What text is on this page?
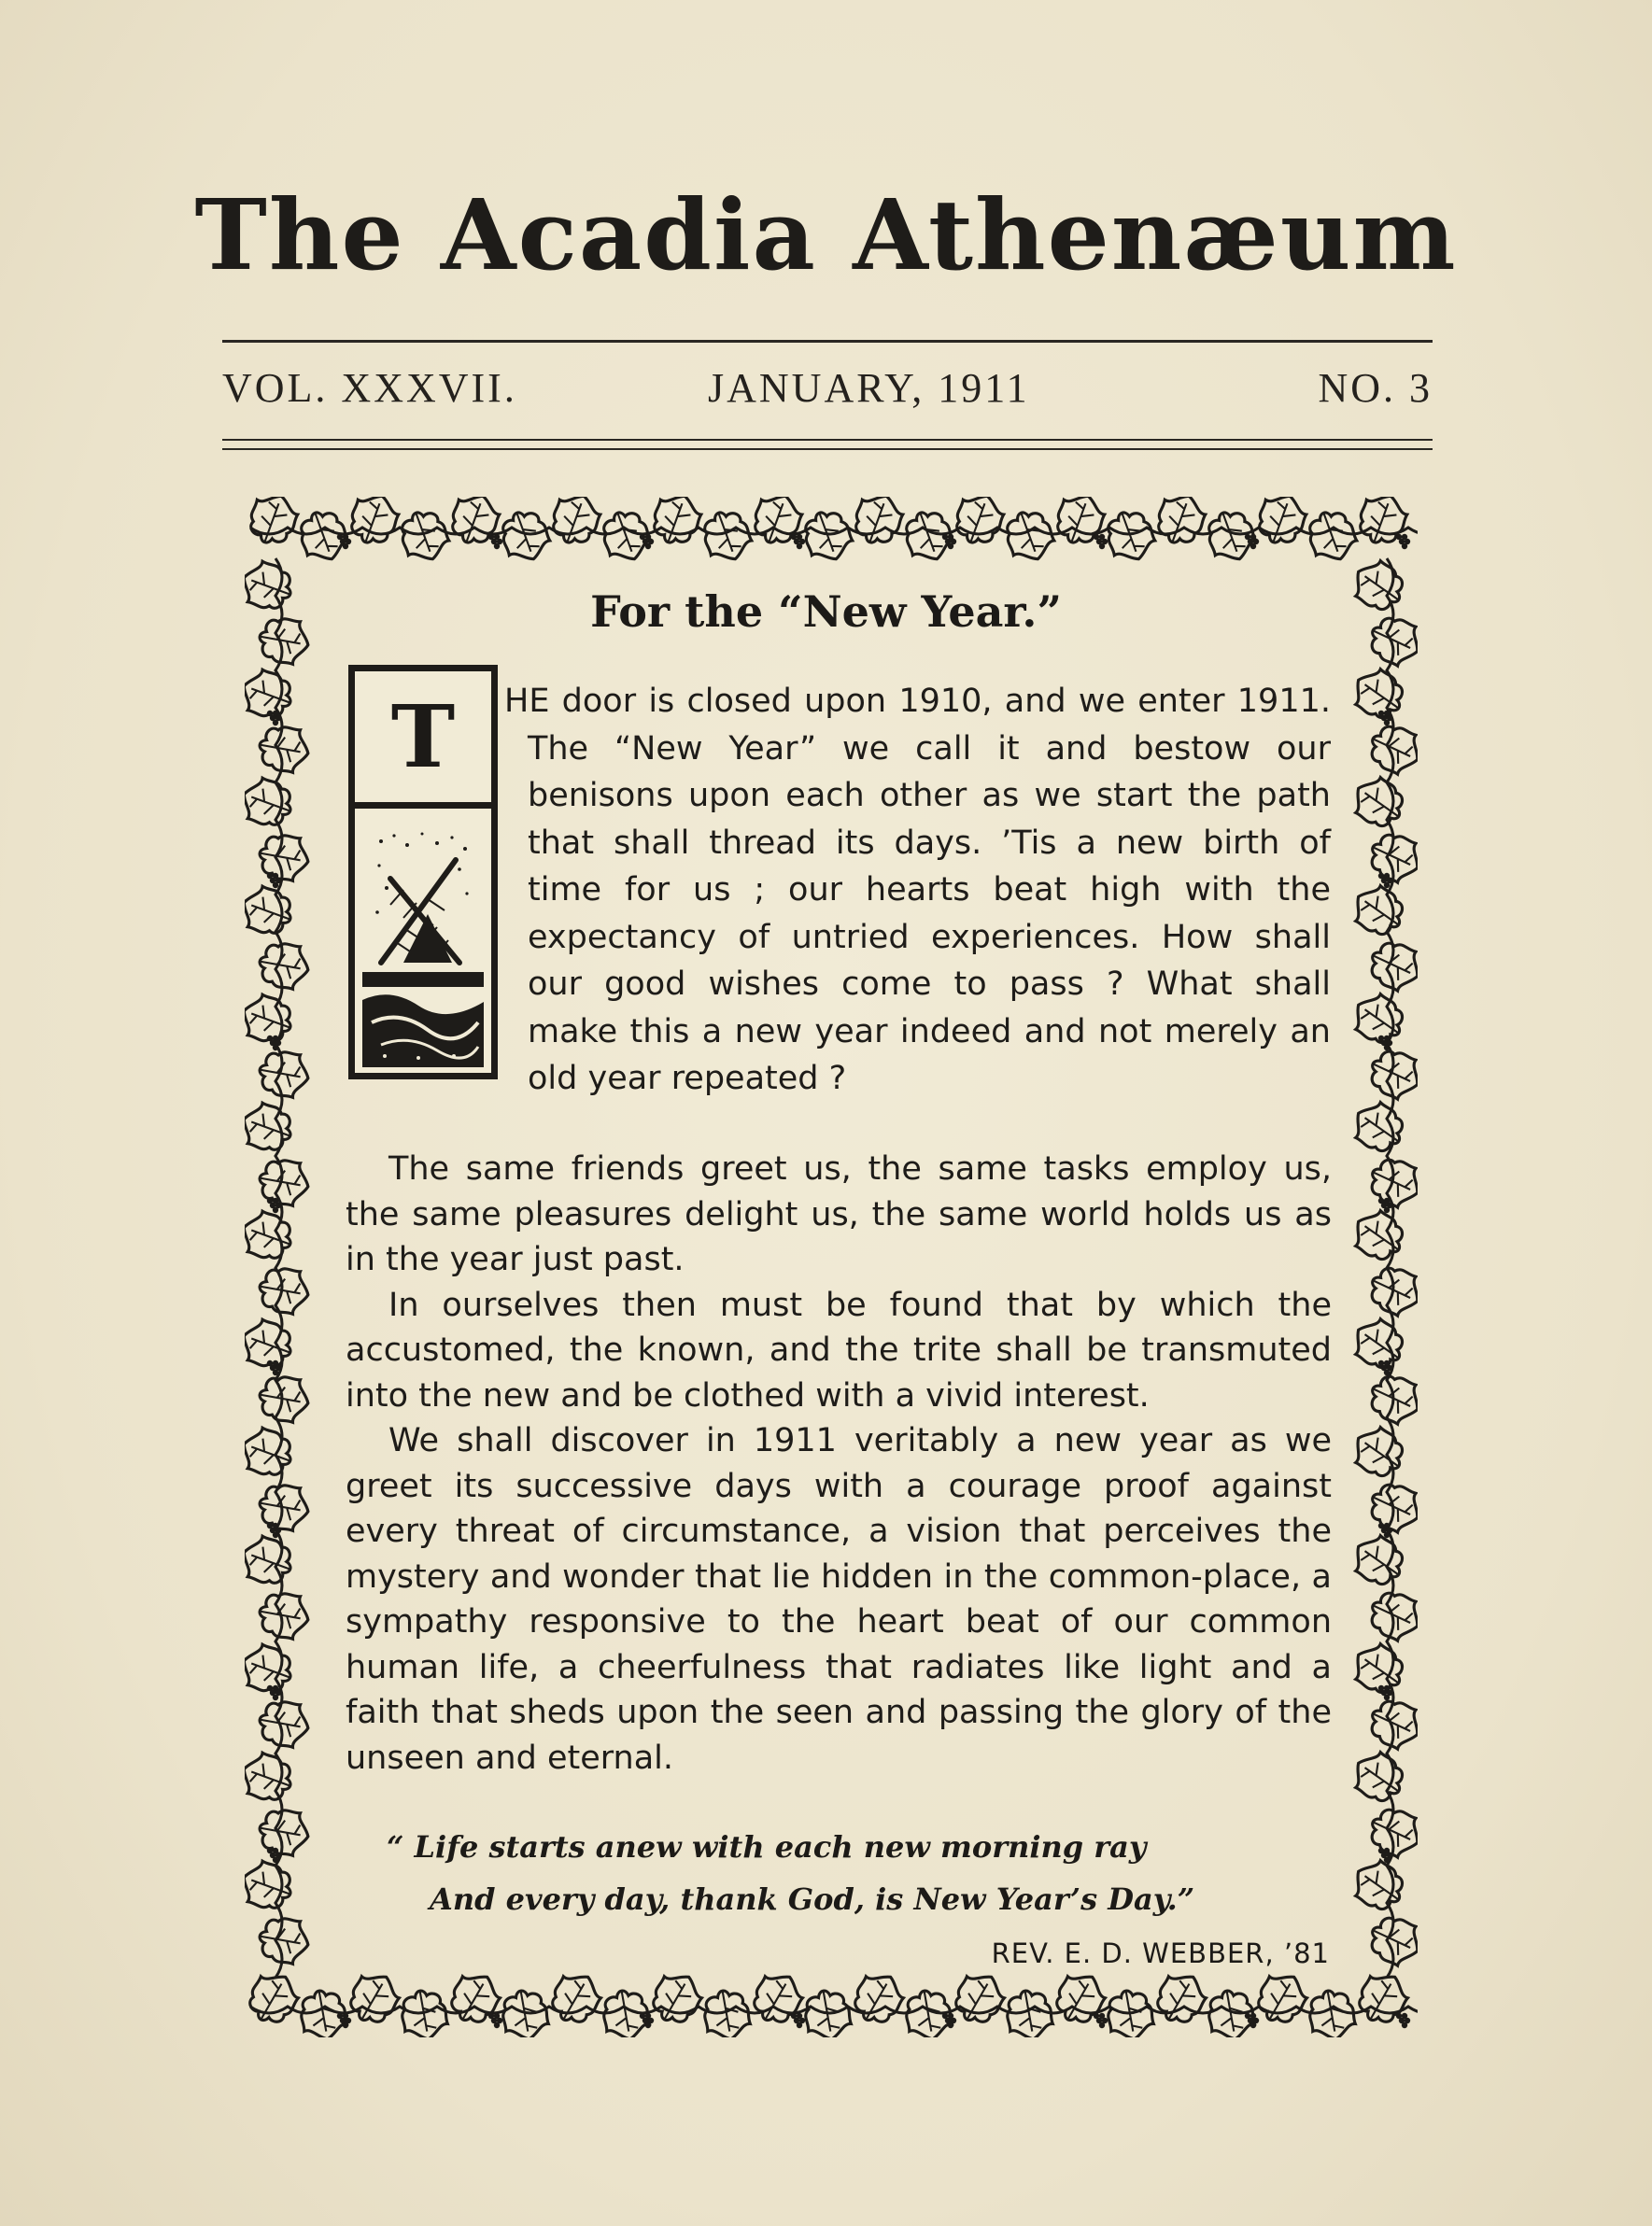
The Acadia Athenæum
VOL. XXXVII.	JANUARY, 1911	NO. 3
For the “New Year.”
T HE door is closed upon 1910, and we enter 1911. The “New Year” we call it and bestow our benisons upon each other as we start the path that shall thread its days. ’Tis a new birth of time for us ; our hearts beat high with the expectancy of untried experiences. How shall our good wishes come to pass ? What shall make this a new year indeed and not merely an old year repeated ?

The same friends greet us, the same tasks employ us, the same pleasures delight us, the same world holds us as in the year just past.

In ourselves then must be found that by which the accustomed, the known, and the trite shall be transmuted into the new and be clothed with a vivid interest.

We shall discover in 1911 veritably a new year as we greet its successive days with a courage proof against every threat of circumstance, a vision that perceives the mystery and wonder that lie hidden in the common-place, a sympathy responsive to the heart beat of our common human life, a cheerfulness that radiates like light and a faith that sheds upon the seen and passing the glory of the unseen and eternal.

“ Life starts anew with each new morning ray
And every day, thank God, is New Year’s Day.”
REV. E. D. WEBBER, ’81
